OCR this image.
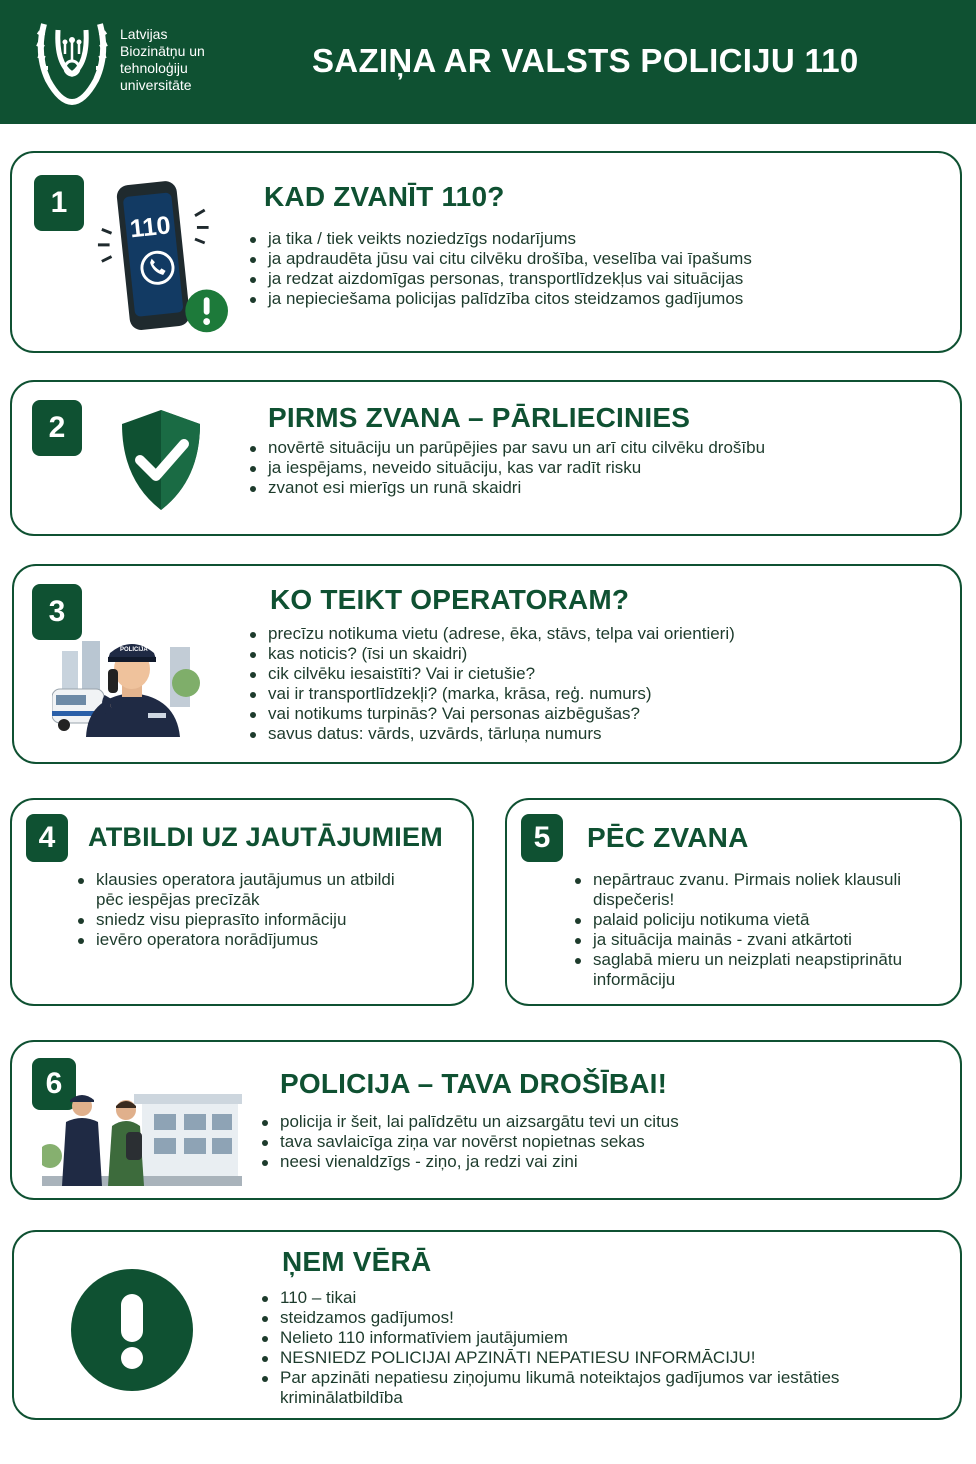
Latvijas
Biozinātņu un
tehnoloģiju
universitāte
SAZIŅA AR VALSTS POLICIJU 110
1
110
KAD ZVANĪT 110?
ja tika / tiek veikts noziedzīgs nodarījums
ja apdraudēta jūsu vai citu cilvēku drošība, veselība vai īpašums
ja redzat aizdomīgas personas, transportlīdzekļus vai situācijas
ja nepieciešama policijas palīdzība citos steidzamos gadījumos
2	PIRMS ZVANA – PĀRLIECINIES
novērtē situāciju un parūpējies par savu un arī citu cilvēku drošību
ja iespējams, neveido situāciju, kas var radīt risku
zvanot esi mierīgs un runā skaidri
3
POLICIJA
KO TEIKT OPERATORAM?
precīzu notikuma vietu (adrese, ēka, stāvs, telpa vai orientieri)
kas noticis? (īsi un skaidri)
cik cilvēku iesaistīti? Vai ir cietušie?
vai ir transportlīdzekļi? (marka, krāsa, reģ. numurs)
vai notikums turpinās? Vai personas aizbēgušas?
savus datus: vārds, uzvārds, tārluņa numurs
4	ATBILDI UZ JAUTĀJUMIEM
klausies operatora jautājumus un atbildi pēc iespējas precīzāk
sniedz visu pieprasīto informāciju
ievēro operatora norādījumus
5	PĒC ZVANA
nepārtrauc zvanu. Pirmais noliek klausuli dispečeris!
palaid policiju notikuma vietā
ja situācija mainās - zvani atkārtoti
saglabā mieru un neizplati neapstiprinātu informāciju
6	POLICIJA – TAVA DROŠĪBAI!
policija ir šeit, lai palīdzētu un aizsargātu tevi un citus
tava savlaicīga ziņa var novērst nopietnas sekas
neesi vienaldzīgs - ziņo, ja redzi vai zini
ŅEM VĒRĀ
110 – tikai
steidzamos gadījumos!
Nelieto 110 informatīviem jautājumiem
NESNIEDZ POLICIJAI APZINĀTI NEPATIESU INFORMĀCIJU!
Par apzināti nepatiesu ziņojumu likumā noteiktajos gadījumos var iestāties kriminālatbildība
